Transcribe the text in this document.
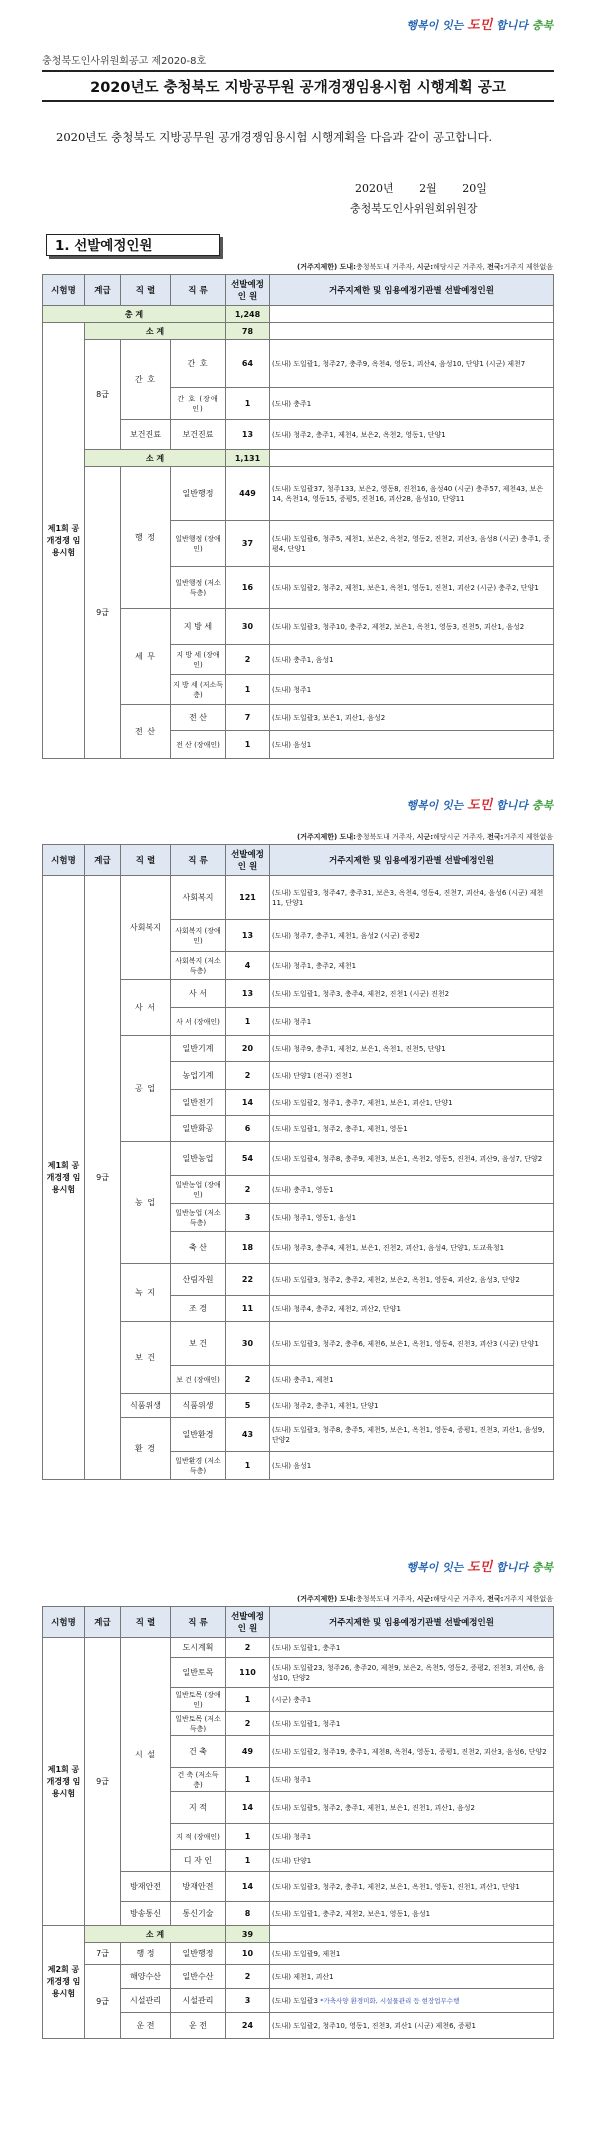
행복이 잇는 도민 합니다 충북
충청북도인사위원회공고 제2020-8호
2020년도 충청북도 지방공무원 공개경쟁임용시험 시행계획 공고
2020년도 충청북도 지방공무원 공개경쟁임용시험 시행계획을 다음과 같이 공고합니다.
2020년 2월 20일
충청북도인사위원회위원장
1. 선발예정인원
(거주지제한) 도내:충청북도내 거주자, 시군:해당시군 거주자, 전국:거주지 제한없음
시험명	계급	직 렬	직 류	선발예정 인 원	거주지제한 및 임용예정기관별 선발예정인원
총 계				1,248	
제1회 공개경쟁 임용시험	소 계			78	
	8급	간 호	간 호	64	(도내) 도일괄1, 청주27, 충주9, 옥천4, 영동1, 괴산4, 음성10, 단양1 (시군) 제천7
			간 호 (장애인)	1	(도내) 충주1
		보건진료	보건진료	13	(도내) 청주2, 충주1, 제천4, 보은2, 옥천2, 영동1, 단양1
	소 계			1,131	
	9급	행 정	일반행정	449	(도내) 도일괄37, 청주133, 보은2, 영동8, 진천16, 음성40 (시군) 충주57, 제천43, 보은14, 옥천14, 영동15, 증평5, 진천16, 괴산28, 음성10, 단양11
			일반행정 (장애인)	37	(도내) 도일괄6, 청주5, 제천1, 보은2, 옥천2, 영동2, 진천2, 괴산3, 음성8 (시군) 충주1, 증평4, 단양1
			일반행정 (저소득층)	16	(도내) 도일괄2, 청주2, 제천1, 보은1, 옥천1, 영동1, 진천1, 괴산2 (시군) 충주2, 단양1
		세 무	지 방 세	30	(도내) 도일괄3, 청주10, 충주2, 제천2, 보은1, 옥천1, 영동3, 진천5, 괴산1, 음성2
			지 방 세 (장애인)	2	(도내) 충주1, 음성1
			지 방 세 (저소득층)	1	(도내) 청주1
		전 산	전 산	7	(도내) 도일괄3, 보은1, 괴산1, 음성2
			전 산 (장애인)	1	(도내) 음성1
행복이 잇는 도민 합니다 충북
(거주지제한) 도내:충청북도내 거주자, 시군:해당시군 거주자, 전국:거주지 제한없음
시험명	계급	직 렬	직 류	선발예정 인 원	거주지제한 및 임용예정기관별 선발예정인원
제1회 공개경쟁 임용시험	9급	사회복지	사회복지	121	(도내) 도일괄3, 청주47, 충주31, 보은3, 옥천4, 영동4, 진천7, 괴산4, 음성6 (시군) 제천11, 단양1
			사회복지 (장애인)	13	(도내) 청주7, 충주1, 제천1, 음성2 (시군) 증평2
			사회복지 (저소득층)	4	(도내) 청주1, 충주2, 제천1
		사 서	사 서	13	(도내) 도일괄1, 청주3, 충주4, 제천2, 진천1 (시군) 진천2
			사 서 (장애인)	1	(도내) 청주1
		공 업	일반기계	20	(도내) 청주9, 충주1, 제천2, 보은1, 옥천1, 진천5, 단양1
			농업기계	2	(도내) 단양1 (전국) 진천1
			일반전기	14	(도내) 도일괄2, 청주1, 충주7, 제천1, 보은1, 괴산1, 단양1
			일반화공	6	(도내) 도일괄1, 청주2, 충주1, 제천1, 영동1
		농 업	일반농업	54	(도내) 도일괄4, 청주8, 충주9, 제천3, 보은1, 옥천2, 영동5, 진천4, 괴산9, 음성7, 단양2
			일반농업 (장애인)	2	(도내) 충주1, 영동1
			일반농업 (저소득층)	3	(도내) 청주1, 영동1, 음성1
			축 산	18	(도내) 청주3, 충주4, 제천1, 보은1, 진천2, 괴산1, 음성4, 단양1, 도교육청1
		녹 지	산림자원	22	(도내) 도일괄3, 청주2, 충주2, 제천2, 보은2, 옥천1, 영동4, 괴산2, 음성3, 단양2
			조 경	11	(도내) 청주4, 충주2, 제천2, 괴산2, 단양1
		보 건	보 건	30	(도내) 도일괄3, 청주2, 충주6, 제천6, 보은1, 옥천1, 영동4, 진천3, 괴산3 (시군) 단양1
			보 건 (장애인)	2	(도내) 충주1, 제천1
		식품위생	식품위생	5	(도내) 청주2, 충주1, 제천1, 단양1
		환 경	일반환경	43	(도내) 도일괄3, 청주8, 충주5, 제천5, 보은1, 옥천1, 영동4, 증평1, 진천3, 괴산1, 음성9, 단양2
			일반환경 (저소득층)	1	(도내) 음성1
행복이 잇는 도민 합니다 충북
(거주지제한) 도내:충청북도내 거주자, 시군:해당시군 거주자, 전국:거주지 제한없음
시험명	계급	직 렬	직 류	선발예정 인 원	거주지제한 및 임용예정기관별 선발예정인원
제1회 공개경쟁 임용시험	9급	시 설	도시계획	2	(도내) 도일괄1, 충주1
			일반토목	110	(도내) 도일괄23, 청주26, 충주20, 제천9, 보은2, 옥천5, 영동2, 증평2, 진천3, 괴산6, 음성10, 단양2
			일반토목 (장애인)	1	(시군) 충주1
			일반토목 (저소득층)	2	(도내) 도일괄1, 청주1
			건 축	49	(도내) 도일괄2, 청주19, 충주1, 제천8, 옥천4, 영동1, 증평1, 진천2, 괴산3, 음성6, 단양2
			건 축 (저소득층)	1	(도내) 청주1
			지 적	14	(도내) 도일괄5, 청주2, 충주1, 제천1, 보은1, 진천1, 괴산1, 음성2
			지 적 (장애인)	1	(도내) 청주1
			디 자 인	1	(도내) 단양1
		방재안전	방재안전	14	(도내) 도일괄3, 청주2, 충주1, 제천2, 보은1, 옥천1, 영동1, 진천1, 괴산1, 단양1
		방송통신	통신기술	8	(도내) 도일괄1, 충주2, 제천2, 보은1, 영동1, 음성1
제2회 공개경쟁 임용시험	소 계			39	
	7급	행 정	일반행정	10	(도내) 도일괄9, 제천1
	9급	해양수산	일반수산	2	(도내) 제천1, 괴산1
		시설관리	시설관리	3	(도내) 도일괄3 *가축사양 환경미화, 시설물관리 등 현장업무수행
		운 전	운 전	24	(도내) 도일괄2, 청주10, 영동1, 진천3, 괴산1 (시군) 제천6, 증평1
